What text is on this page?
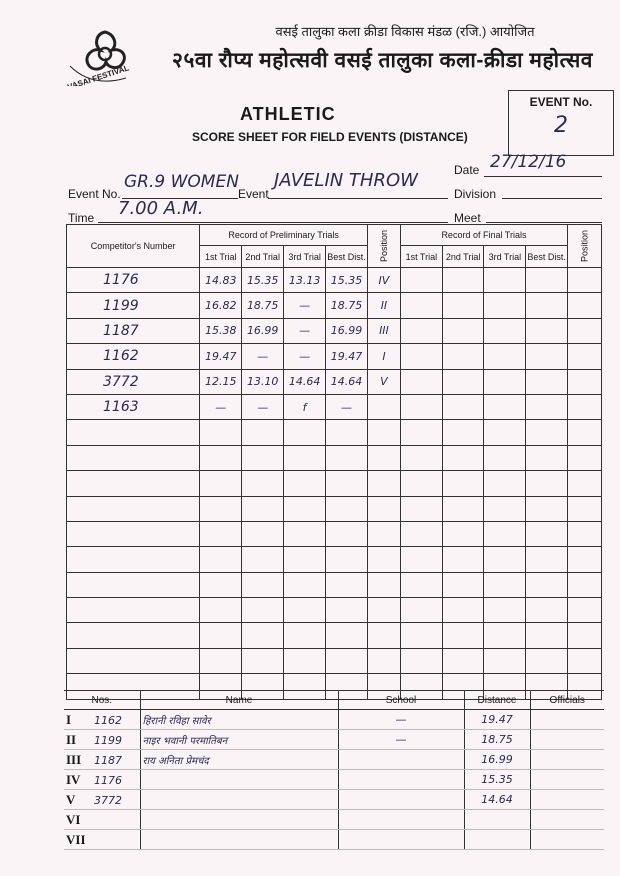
VASAI FESTIVAL
वसई तालुका कला क्रीडा विकास मंडळ (रजि.) आयोजित
२५वा रौप्य महोत्सवी वसई तालुका कला-क्रीडा महोत्सव
ATHLETIC
SCORE SHEET FOR FIELD EVENTS (DISTANCE)
EVENT No.
2
Date 27/12/16
Event No.
GR.9 WOMEN
Event
JAVELIN THROW
Division
Time 7.00 A.M.	Meet
Competitor's Number	Record of Preliminary Trials				Position	Record of Final Trials				Position

	1st Trial	2nd Trial	3rd Trial	Best Dist.		1st Trial	2nd Trial	3rd Trial	Best Dist.	
1176	14.83	15.35	13.13	15.35	IV					
1199	16.82	18.75	—	18.75	II					
1187	15.38	16.99	—	16.99	III					
1162	19.47	—	—	19.47	I					
3772	12.15	13.10	14.64	14.64	V					
1163	—	—	f	—						

Nos.	Name	School	Distance	Officials
I 1162	हिरानी रविहा सावेर	—	19.47	
II 1199	नाइर भवानी परमातिबन	—	18.75	
III 1187	राय अनिता प्रेमचंद		16.99	
IV 1176			15.35	
V 3772			14.64	
VI				
VII				
